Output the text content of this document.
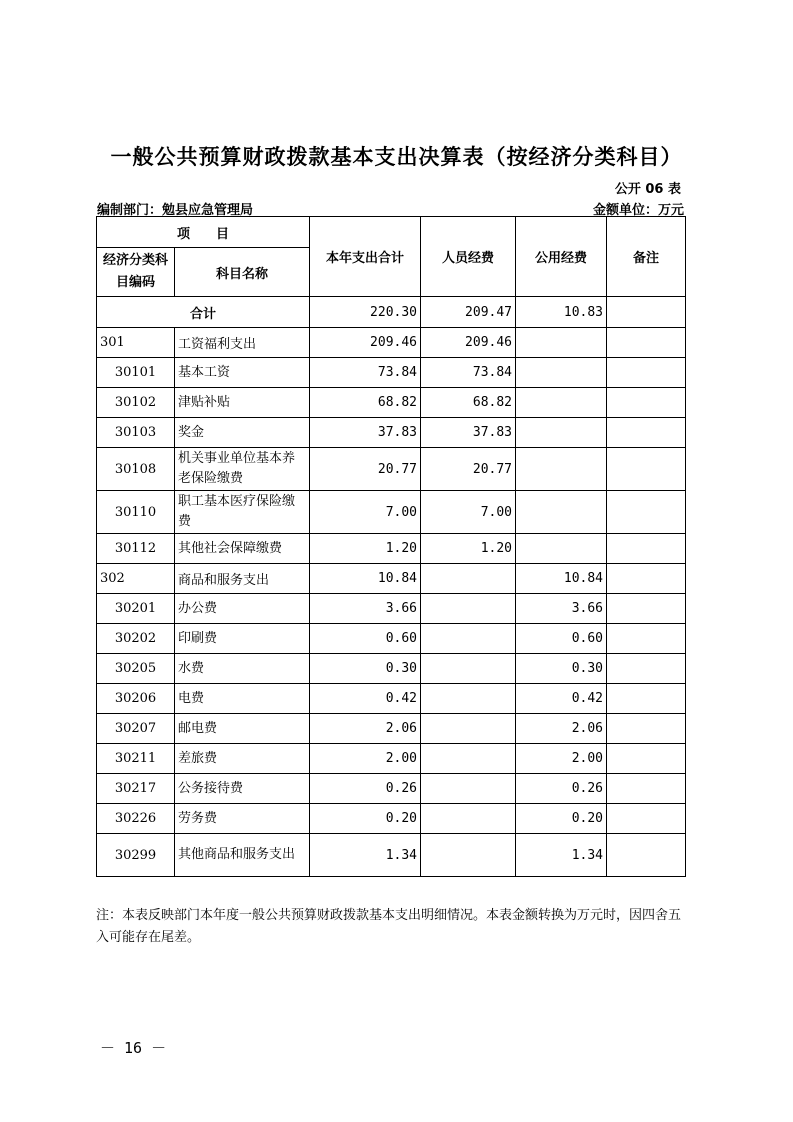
一般公共预算财政拨款基本支出决算表（按经济分类科目）
公开 06 表
编制部门：勉县应急管理局	金额单位：万元
项　　目		本年支出合计	人员经费	公用经费	备注
经济分类科目编码	科目名称				
合计		220.30	209.47	10.83	
301	工资福利支出	209.46	209.46		
30101	基本工资	73.84	73.84		
30102	津贴补贴	68.82	68.82		
30103	奖金	37.83	37.83		
30108	机关事业单位基本养老保险缴费	20.77	20.77		
30110	职工基本医疗保险缴费	7.00	7.00		
30112	其他社会保障缴费	1.20	1.20		
302	商品和服务支出	10.84		10.84	
30201	办公费	3.66		3.66	
30202	印刷费	0.60		0.60	
30205	水费	0.30		0.30	
30206	电费	0.42		0.42	
30207	邮电费	2.06		2.06	
30211	差旅费	2.00		2.00	
30217	公务接待费	0.26		0.26	
30226	劳务费	0.20		0.20	
30299	其他商品和服务支出	1.34		1.34	
注：本表反映部门本年度一般公共预算财政拨款基本支出明细情况。本表金额转换为万元时，因四舍五入可能存在尾差。
－ 16 －
